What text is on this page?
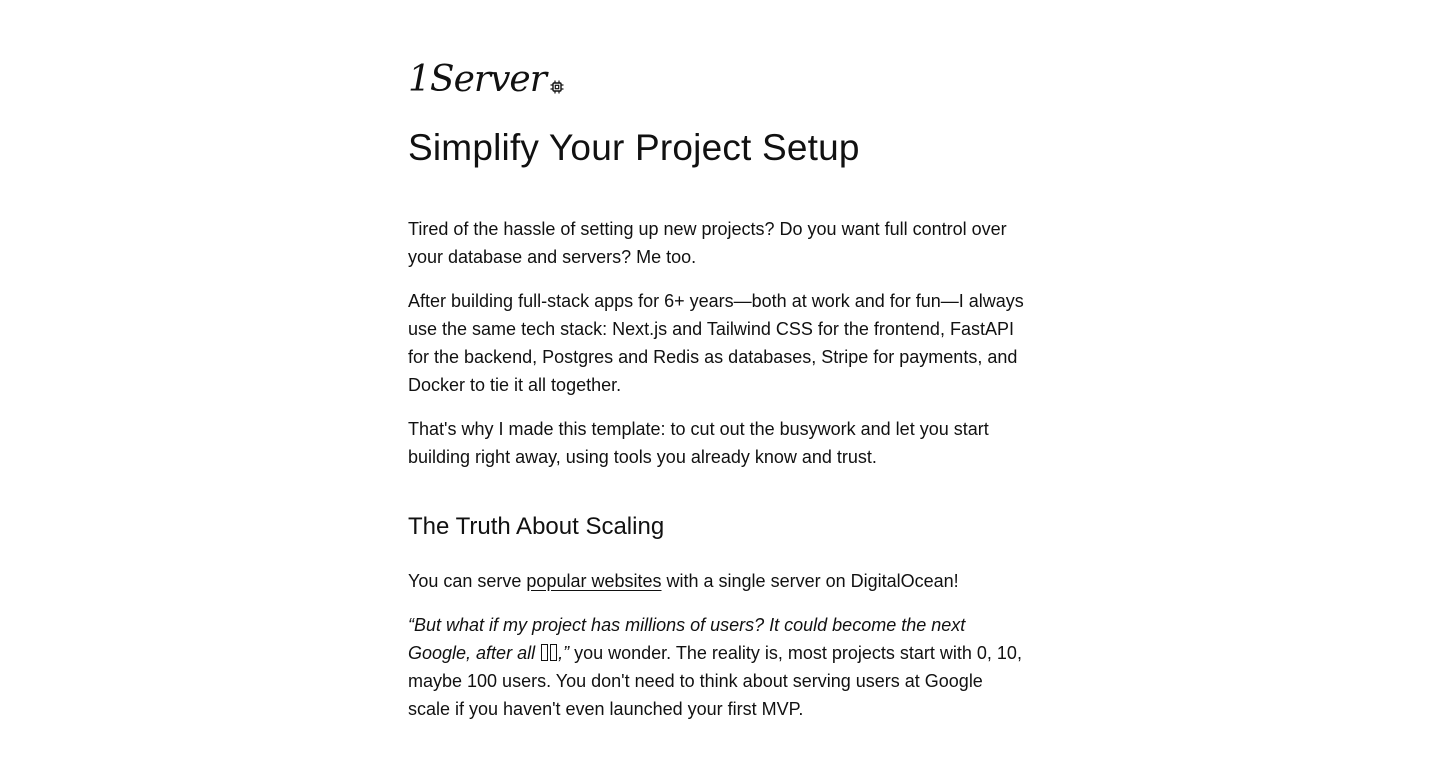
1Server
Simplify Your Project Setup

Tired of the hassle of setting up new projects? Do you want full control over your database and servers? Me too.

After building full-stack apps for 6+ years—both at work and for fun—I always use the same tech stack: Next.js and Tailwind CSS for the frontend, FastAPI for the backend, Postgres and Redis as databases, Stripe for payments, and Docker to tie it all together.

That's why I made this template: to cut out the busywork and let you start building right away, using tools you already know and trust.

The Truth About Scaling

You can serve popular websites with a single server on DigitalOcean!

“But what if my project has millions of users? It could become the next Google, after all ,” you wonder. The reality is, most projects start with 0, 10, maybe 100 users. You don't need to think about serving users at Google scale if you haven't even launched your first MVP.
